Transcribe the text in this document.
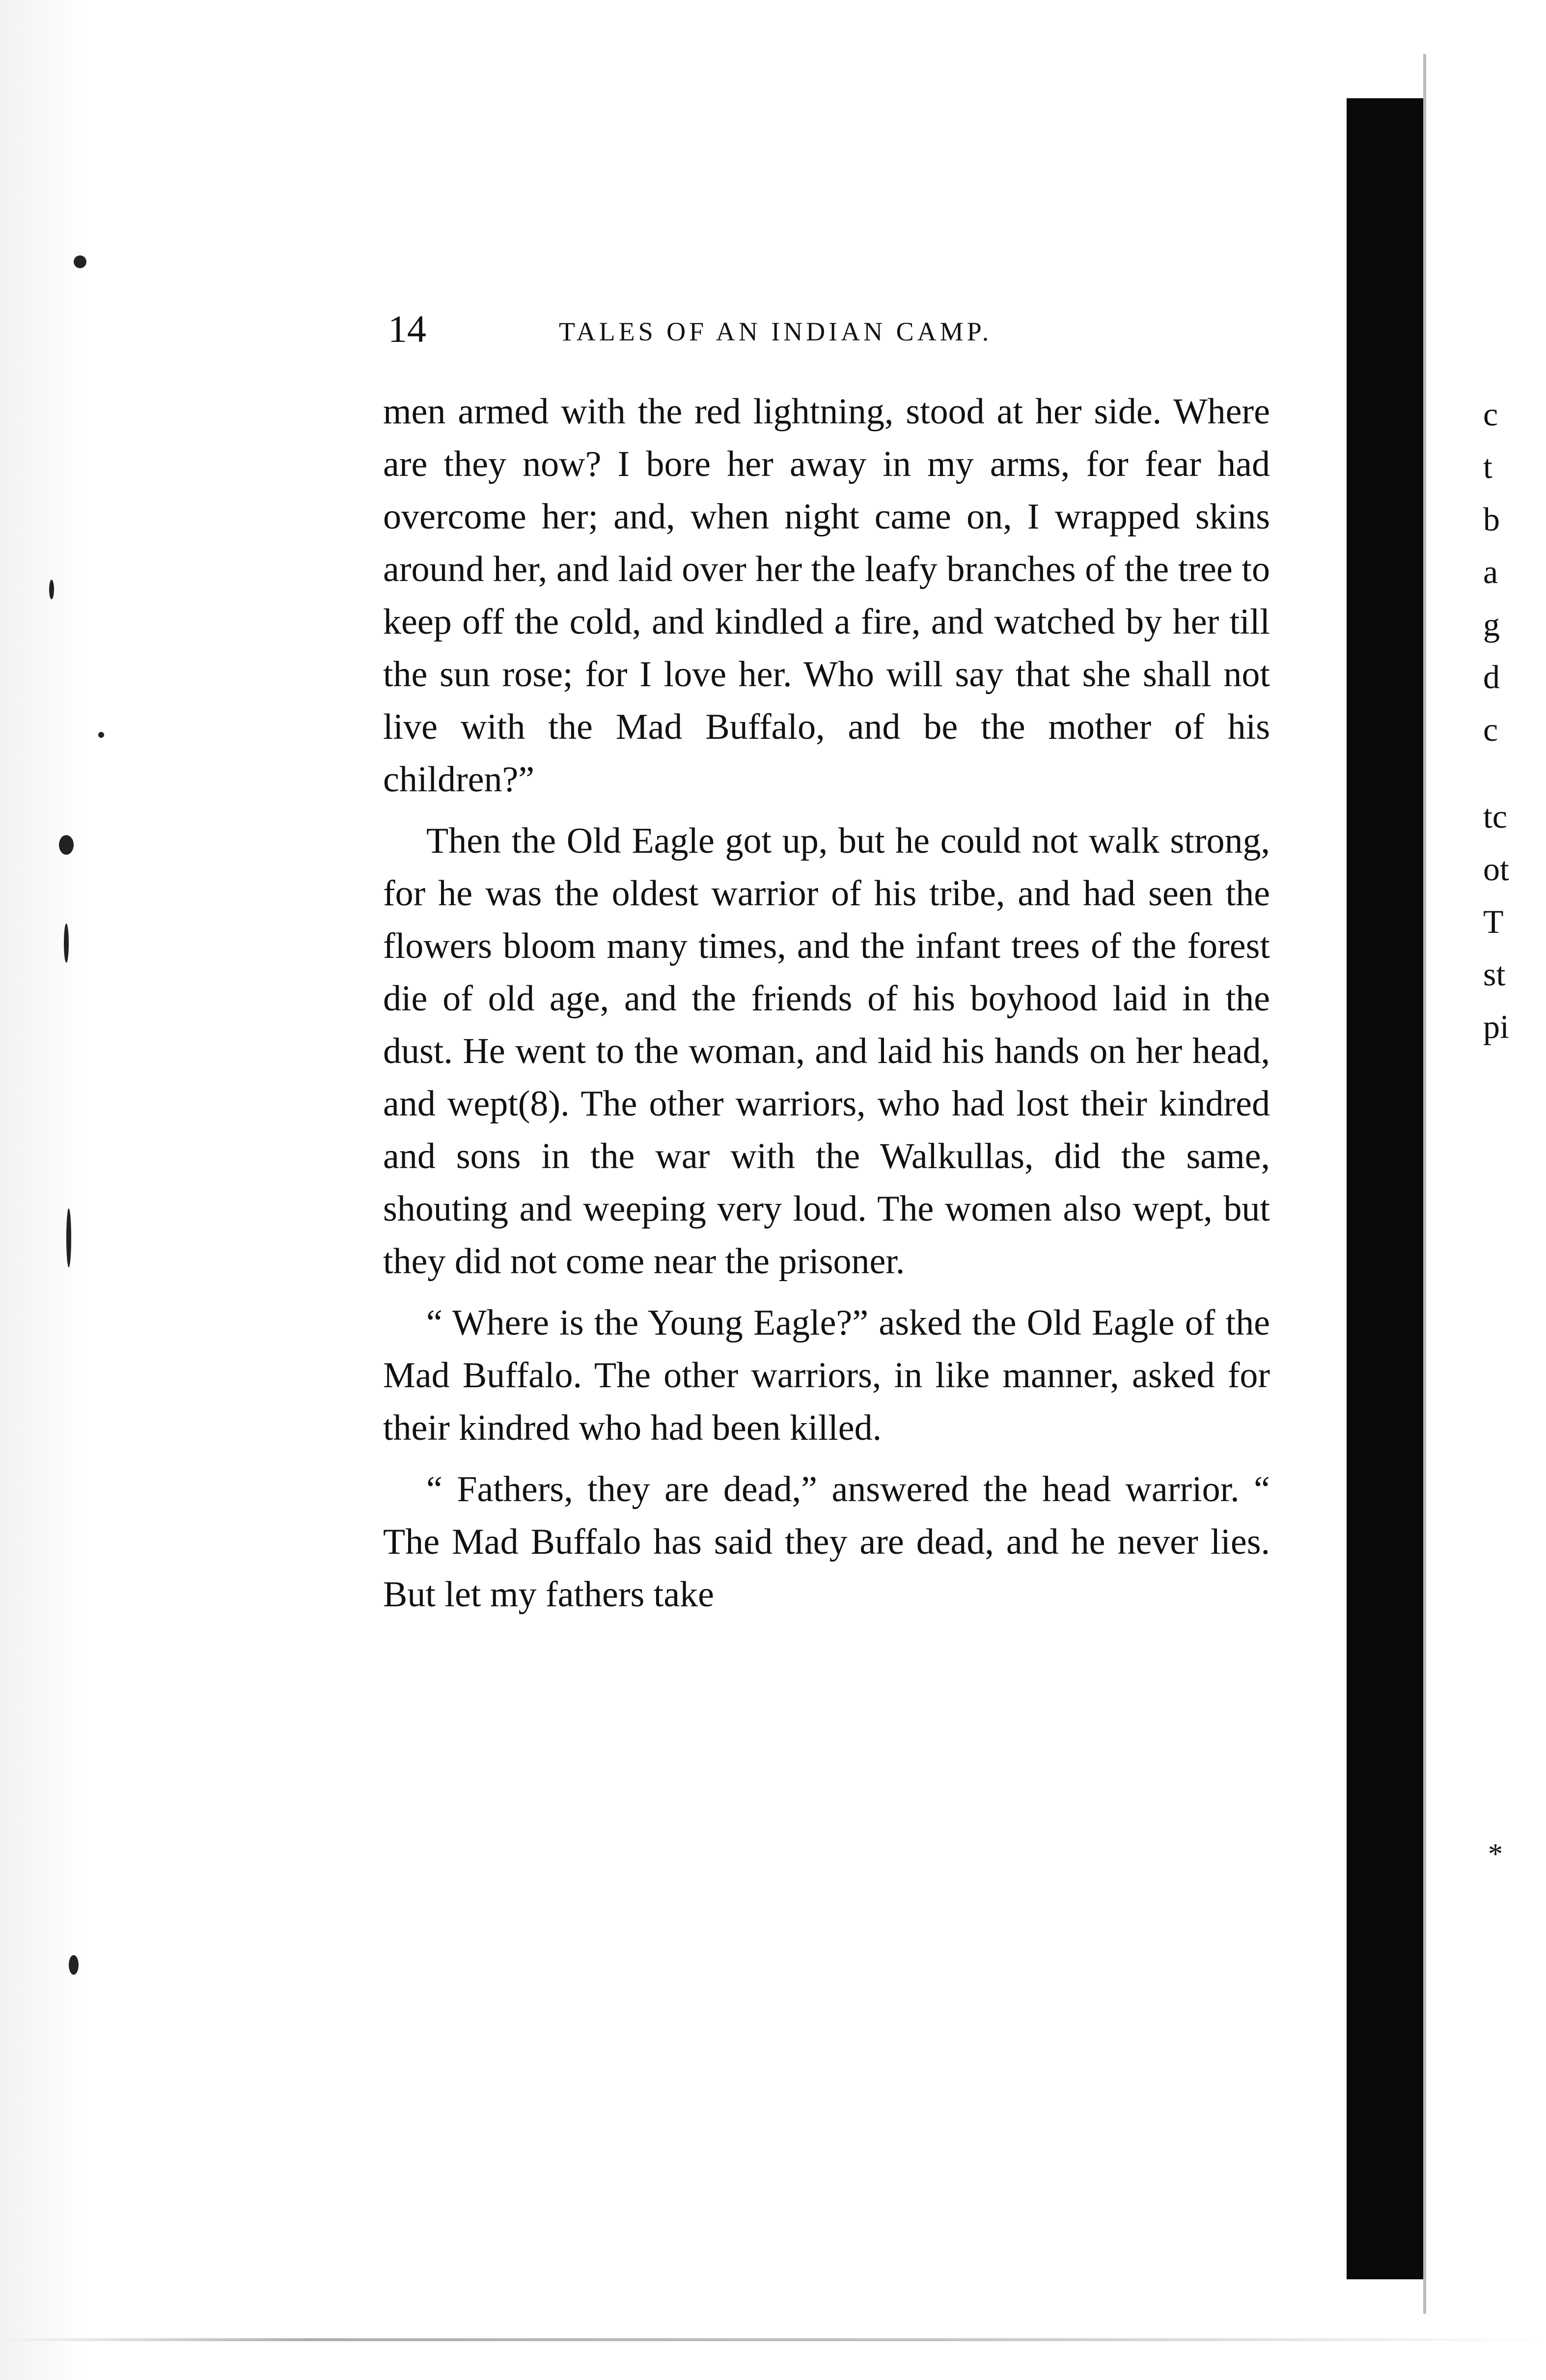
14	TALES OF AN INDIAN CAMP.

men armed with the red lightning, stood at her side. Where are they now? I bore her away in my arms, for fear had overcome her; and, when night came on, I wrapped skins around her, and laid over her the leafy branches of the tree to keep off the cold, and kindled a fire, and watched by her till the sun rose; for I love her. Who will say that she shall not live with the Mad Buffalo, and be the mother of his children?”

Then the Old Eagle got up, but he could not walk strong, for he was the oldest warrior of his tribe, and had seen the flowers bloom many times, and the infant trees of the forest die of old age, and the friends of his boyhood laid in the dust. He went to the woman, and laid his hands on her head, and wept(8). The other warriors, who had lost their kindred and sons in the war with the Walkullas, did the same, shouting and weeping very loud. The women also wept, but they did not come near the prisoner.

“ Where is the Young Eagle?” asked the Old Eagle of the Mad Buffalo. The other warriors, in like manner, asked for their kindred who had been killed.

“ Fathers, they are dead,” answered the head warrior. “ The Mad Buffalo has said they are dead, and he never lies. But let my fathers take

c
t
b
a
g
d
c
tc
ot
T
st
pi
*
